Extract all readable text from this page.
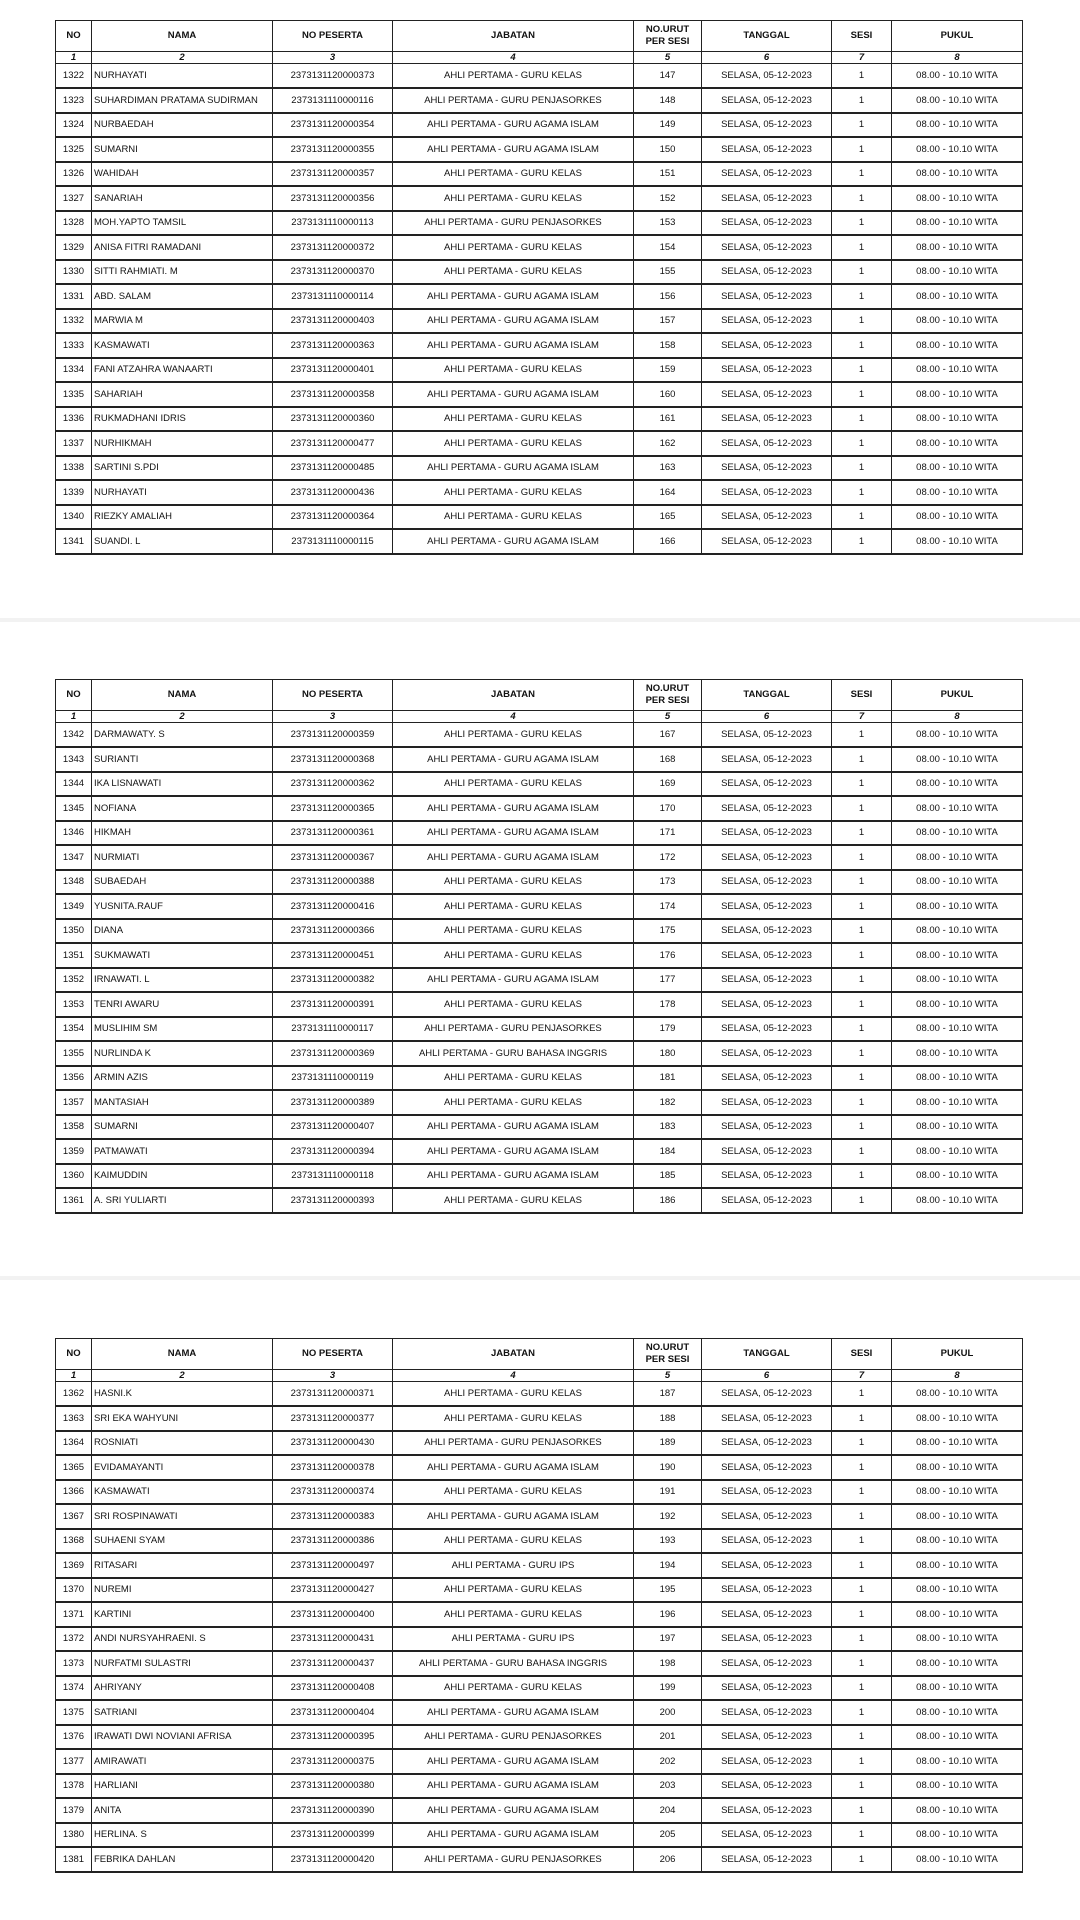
NO	NAMA	NO PESERTA	JABATAN	NO.URUT
PER SESI	TANGGAL	SESI	PUKUL
1	2	3	4	5	6	7	8
1322	NURHAYATI	2373131120000373	AHLI PERTAMA - GURU KELAS	147	SELASA, 05-12-2023	1	08.00 - 10.10 WITA
1323	SUHARDIMAN PRATAMA SUDIRMAN	2373131110000116	AHLI PERTAMA - GURU PENJASORKES	148	SELASA, 05-12-2023	1	08.00 - 10.10 WITA
1324	NURBAEDAH	2373131120000354	AHLI PERTAMA - GURU AGAMA ISLAM	149	SELASA, 05-12-2023	1	08.00 - 10.10 WITA
1325	SUMARNI	2373131120000355	AHLI PERTAMA - GURU AGAMA ISLAM	150	SELASA, 05-12-2023	1	08.00 - 10.10 WITA
1326	WAHIDAH	2373131120000357	AHLI PERTAMA - GURU KELAS	151	SELASA, 05-12-2023	1	08.00 - 10.10 WITA
1327	SANARIAH	2373131120000356	AHLI PERTAMA - GURU KELAS	152	SELASA, 05-12-2023	1	08.00 - 10.10 WITA
1328	MOH.YAPTO TAMSIL	2373131110000113	AHLI PERTAMA - GURU PENJASORKES	153	SELASA, 05-12-2023	1	08.00 - 10.10 WITA
1329	ANISA FITRI RAMADANI	2373131120000372	AHLI PERTAMA - GURU KELAS	154	SELASA, 05-12-2023	1	08.00 - 10.10 WITA
1330	SITTI RAHMIATI. M	2373131120000370	AHLI PERTAMA - GURU KELAS	155	SELASA, 05-12-2023	1	08.00 - 10.10 WITA
1331	ABD. SALAM	2373131110000114	AHLI PERTAMA - GURU AGAMA ISLAM	156	SELASA, 05-12-2023	1	08.00 - 10.10 WITA
1332	MARWIA M	2373131120000403	AHLI PERTAMA - GURU AGAMA ISLAM	157	SELASA, 05-12-2023	1	08.00 - 10.10 WITA
1333	KASMAWATI	2373131120000363	AHLI PERTAMA - GURU AGAMA ISLAM	158	SELASA, 05-12-2023	1	08.00 - 10.10 WITA
1334	FANI ATZAHRA WANAARTI	2373131120000401	AHLI PERTAMA - GURU KELAS	159	SELASA, 05-12-2023	1	08.00 - 10.10 WITA
1335	SAHARIAH	2373131120000358	AHLI PERTAMA - GURU AGAMA ISLAM	160	SELASA, 05-12-2023	1	08.00 - 10.10 WITA
1336	RUKMADHANI IDRIS	2373131120000360	AHLI PERTAMA - GURU KELAS	161	SELASA, 05-12-2023	1	08.00 - 10.10 WITA
1337	NURHIKMAH	2373131120000477	AHLI PERTAMA - GURU KELAS	162	SELASA, 05-12-2023	1	08.00 - 10.10 WITA
1338	SARTINI S.PDI	2373131120000485	AHLI PERTAMA - GURU AGAMA ISLAM	163	SELASA, 05-12-2023	1	08.00 - 10.10 WITA
1339	NURHAYATI	2373131120000436	AHLI PERTAMA - GURU KELAS	164	SELASA, 05-12-2023	1	08.00 - 10.10 WITA
1340	RIEZKY AMALIAH	2373131120000364	AHLI PERTAMA - GURU KELAS	165	SELASA, 05-12-2023	1	08.00 - 10.10 WITA
1341	SUANDI. L	2373131110000115	AHLI PERTAMA - GURU AGAMA ISLAM	166	SELASA, 05-12-2023	1	08.00 - 10.10 WITA
NO	NAMA	NO PESERTA	JABATAN	NO.URUT
PER SESI	TANGGAL	SESI	PUKUL
1	2	3	4	5	6	7	8
1342	DARMAWATY. S	2373131120000359	AHLI PERTAMA - GURU KELAS	167	SELASA, 05-12-2023	1	08.00 - 10.10 WITA
1343	SURIANTI	2373131120000368	AHLI PERTAMA - GURU AGAMA ISLAM	168	SELASA, 05-12-2023	1	08.00 - 10.10 WITA
1344	IKA LISNAWATI	2373131120000362	AHLI PERTAMA - GURU KELAS	169	SELASA, 05-12-2023	1	08.00 - 10.10 WITA
1345	NOFIANA	2373131120000365	AHLI PERTAMA - GURU AGAMA ISLAM	170	SELASA, 05-12-2023	1	08.00 - 10.10 WITA
1346	HIKMAH	2373131120000361	AHLI PERTAMA - GURU AGAMA ISLAM	171	SELASA, 05-12-2023	1	08.00 - 10.10 WITA
1347	NURMIATI	2373131120000367	AHLI PERTAMA - GURU AGAMA ISLAM	172	SELASA, 05-12-2023	1	08.00 - 10.10 WITA
1348	SUBAEDAH	2373131120000388	AHLI PERTAMA - GURU KELAS	173	SELASA, 05-12-2023	1	08.00 - 10.10 WITA
1349	YUSNITA.RAUF	2373131120000416	AHLI PERTAMA - GURU KELAS	174	SELASA, 05-12-2023	1	08.00 - 10.10 WITA
1350	DIANA	2373131120000366	AHLI PERTAMA - GURU KELAS	175	SELASA, 05-12-2023	1	08.00 - 10.10 WITA
1351	SUKMAWATI	2373131120000451	AHLI PERTAMA - GURU KELAS	176	SELASA, 05-12-2023	1	08.00 - 10.10 WITA
1352	IRNAWATI. L	2373131120000382	AHLI PERTAMA - GURU AGAMA ISLAM	177	SELASA, 05-12-2023	1	08.00 - 10.10 WITA
1353	TENRI AWARU	2373131120000391	AHLI PERTAMA - GURU KELAS	178	SELASA, 05-12-2023	1	08.00 - 10.10 WITA
1354	MUSLIHIM SM	2373131110000117	AHLI PERTAMA - GURU PENJASORKES	179	SELASA, 05-12-2023	1	08.00 - 10.10 WITA
1355	NURLINDA K	2373131120000369	AHLI PERTAMA - GURU BAHASA INGGRIS	180	SELASA, 05-12-2023	1	08.00 - 10.10 WITA
1356	ARMIN AZIS	2373131110000119	AHLI PERTAMA - GURU KELAS	181	SELASA, 05-12-2023	1	08.00 - 10.10 WITA
1357	MANTASIAH	2373131120000389	AHLI PERTAMA - GURU KELAS	182	SELASA, 05-12-2023	1	08.00 - 10.10 WITA
1358	SUMARNI	2373131120000407	AHLI PERTAMA - GURU AGAMA ISLAM	183	SELASA, 05-12-2023	1	08.00 - 10.10 WITA
1359	PATMAWATI	2373131120000394	AHLI PERTAMA - GURU AGAMA ISLAM	184	SELASA, 05-12-2023	1	08.00 - 10.10 WITA
1360	KAIMUDDIN	2373131110000118	AHLI PERTAMA - GURU AGAMA ISLAM	185	SELASA, 05-12-2023	1	08.00 - 10.10 WITA
1361	A. SRI YULIARTI	2373131120000393	AHLI PERTAMA - GURU KELAS	186	SELASA, 05-12-2023	1	08.00 - 10.10 WITA
NO	NAMA	NO PESERTA	JABATAN	NO.URUT
PER SESI	TANGGAL	SESI	PUKUL
1	2	3	4	5	6	7	8
1362	HASNI.K	2373131120000371	AHLI PERTAMA - GURU KELAS	187	SELASA, 05-12-2023	1	08.00 - 10.10 WITA
1363	SRI EKA WAHYUNI	2373131120000377	AHLI PERTAMA - GURU KELAS	188	SELASA, 05-12-2023	1	08.00 - 10.10 WITA
1364	ROSNIATI	2373131120000430	AHLI PERTAMA - GURU PENJASORKES	189	SELASA, 05-12-2023	1	08.00 - 10.10 WITA
1365	EVIDAMAYANTI	2373131120000378	AHLI PERTAMA - GURU AGAMA ISLAM	190	SELASA, 05-12-2023	1	08.00 - 10.10 WITA
1366	KASMAWATI	2373131120000374	AHLI PERTAMA - GURU KELAS	191	SELASA, 05-12-2023	1	08.00 - 10.10 WITA
1367	SRI ROSPINAWATI	2373131120000383	AHLI PERTAMA - GURU AGAMA ISLAM	192	SELASA, 05-12-2023	1	08.00 - 10.10 WITA
1368	SUHAENI SYAM	2373131120000386	AHLI PERTAMA - GURU KELAS	193	SELASA, 05-12-2023	1	08.00 - 10.10 WITA
1369	RITASARI	2373131120000497	AHLI PERTAMA - GURU IPS	194	SELASA, 05-12-2023	1	08.00 - 10.10 WITA
1370	NUREMI	2373131120000427	AHLI PERTAMA - GURU KELAS	195	SELASA, 05-12-2023	1	08.00 - 10.10 WITA
1371	KARTINI	2373131120000400	AHLI PERTAMA - GURU KELAS	196	SELASA, 05-12-2023	1	08.00 - 10.10 WITA
1372	ANDI NURSYAHRAENI. S	2373131120000431	AHLI PERTAMA - GURU IPS	197	SELASA, 05-12-2023	1	08.00 - 10.10 WITA
1373	NURFATMI SULASTRI	2373131120000437	AHLI PERTAMA - GURU BAHASA INGGRIS	198	SELASA, 05-12-2023	1	08.00 - 10.10 WITA
1374	AHRIYANY	2373131120000408	AHLI PERTAMA - GURU KELAS	199	SELASA, 05-12-2023	1	08.00 - 10.10 WITA
1375	SATRIANI	2373131120000404	AHLI PERTAMA - GURU AGAMA ISLAM	200	SELASA, 05-12-2023	1	08.00 - 10.10 WITA
1376	IRAWATI DWI NOVIANI AFRISA	2373131120000395	AHLI PERTAMA - GURU PENJASORKES	201	SELASA, 05-12-2023	1	08.00 - 10.10 WITA
1377	AMIRAWATI	2373131120000375	AHLI PERTAMA - GURU AGAMA ISLAM	202	SELASA, 05-12-2023	1	08.00 - 10.10 WITA
1378	HARLIANI	2373131120000380	AHLI PERTAMA - GURU AGAMA ISLAM	203	SELASA, 05-12-2023	1	08.00 - 10.10 WITA
1379	ANITA	2373131120000390	AHLI PERTAMA - GURU AGAMA ISLAM	204	SELASA, 05-12-2023	1	08.00 - 10.10 WITA
1380	HERLINA. S	2373131120000399	AHLI PERTAMA - GURU AGAMA ISLAM	205	SELASA, 05-12-2023	1	08.00 - 10.10 WITA
1381	FEBRIKA DAHLAN	2373131120000420	AHLI PERTAMA - GURU PENJASORKES	206	SELASA, 05-12-2023	1	08.00 - 10.10 WITA
